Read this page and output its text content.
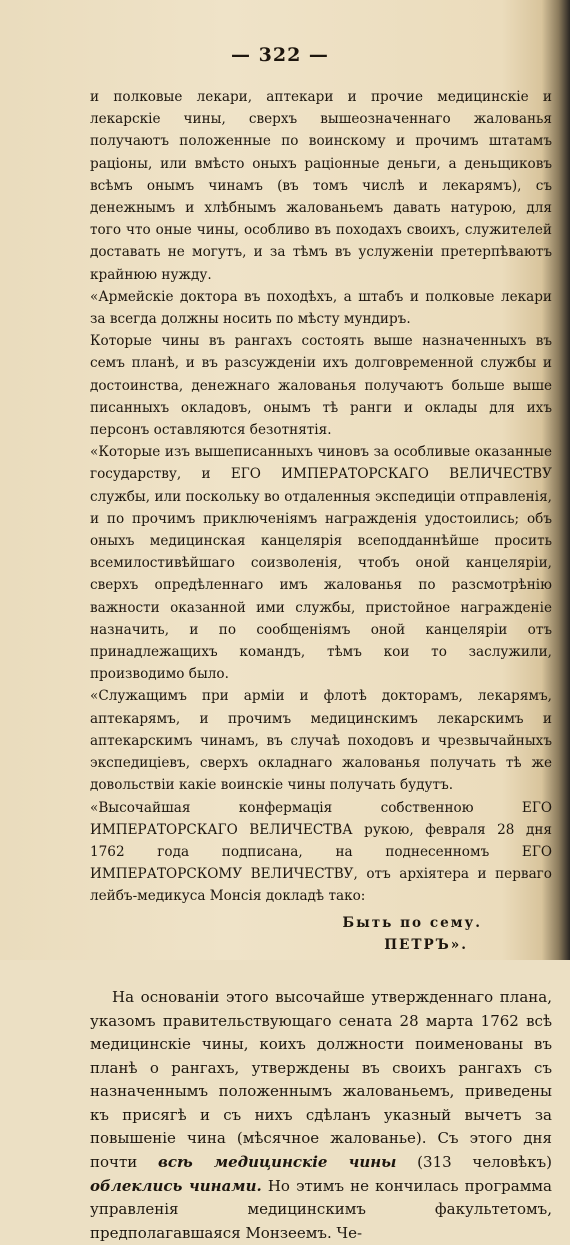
— 322 —

и полковые лекари, аптекари и прочие медицинскіе и лекарскіе чины, сверхъ вышеозначеннаго жалованья получаютъ положенные по воинскому и прочимъ штатамъ раціоны, или вмѣсто оныхъ раціонные деньги, а деньщиковъ всѣмъ онымъ чинамъ (въ томъ числѣ и лекарямъ), съ денежнымъ и хлѣбнымъ жалованьемъ давать натурою, для того что оные чины, особливо въ походахъ своихъ, служителей доставать не могутъ, и за тѣмъ въ услуженіи претерпѣваютъ крайнюю нужду.

«Армейскіе доктора въ походѣхъ, а штабъ и полковые лекари за всегда должны носить по мѣсту мундиръ.

Которые чины въ рангахъ состоять выше назначенныхъ въ семъ планѣ, и въ разсужденіи ихъ долговременной службы и достоинства, денежнаго жалованья получаютъ больше выше писанныхъ окладовъ, онымъ тѣ ранги и оклады для ихъ персонъ оставляются безотнятія.

«Которые изъ вышеписанныхъ чиновъ за особливые оказанные государству, и ЕГО ИМПЕРАТОРСКАГО ВЕЛИЧЕСТВУ службы, или поскольку во отдаленныя экспедиціи отправленія, и по прочимъ приключеніямъ награжденія удостоились; объ оныхъ медицинская канцелярія всеподданнѣйше просить всемилостивѣйшаго соизволенія, чтобъ оной канцеляріи, сверхъ опредѣленнаго имъ жалованья по разсмотрѣнію важности оказанной ими службы, пристойное награжденіе назначить, и по сообщеніямъ оной канцеляріи отъ принадлежащихъ командъ, тѣмъ кои то заслужили, производимо было.

«Служащимъ при арміи и флотѣ докторамъ, лекарямъ, аптекарямъ, и прочимъ медицинскимъ лекарскимъ и аптекарскимъ чинамъ, въ случаѣ походовъ и чрезвычайныхъ экспедиціевъ, сверхъ окладнаго жалованья получать тѣ же довольствіи какіе воинскіе чины получать будутъ.

«Высочайшая конфермація собственною ЕГО ИМПЕРАТОРСКАГО ВЕЛИЧЕСТВА рукою, февраля 28 дня 1762 года подписана, на поднесенномъ ЕГО ИМПЕРАТОРСКОМУ ВЕЛИЧЕСТВУ, отъ архіятера и перваго лейбъ-медикуса Монсія докладѣ тако:

Быть по сему.

ПЕТРЪ».

На основаніи этого высочайше утвержденнаго плана, указомъ правительствующаго сената 28 марта 1762 всѣ медицинскіе чины, коихъ должности поименованы въ планѣ о рангахъ, утверждены въ своихъ рангахъ съ назначеннымъ положеннымъ жалованьемъ, приведены къ присягѣ и съ нихъ сдѣланъ указный вычетъ за повышеніе чина (мѣсячное жалованье). Съ этого дня почти всѣ медицинскіе чины (313 человѣкъ) облеклись чинами. Но этимъ не кончилась программа управленія медицинскимъ факультетомъ, предполагавшаяся Монзеемъ. Че-
